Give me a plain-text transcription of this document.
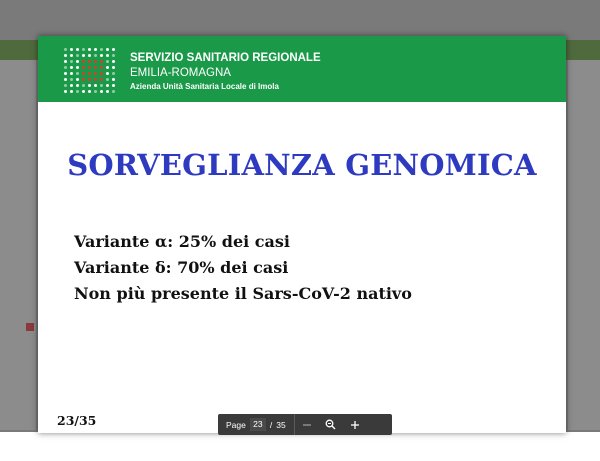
SERVIZIO SANITARIO REGIONALE
EMILIA-ROMAGNA
Azienda Unità Sanitaria Locale di Imola
SORVEGLIANZA GENOMICA
Variante α: 25% dei casi
Variante δ: 70% dei casi
Non più presente il Sars-CoV-2 nativo
23/35	Page 23 / 35
